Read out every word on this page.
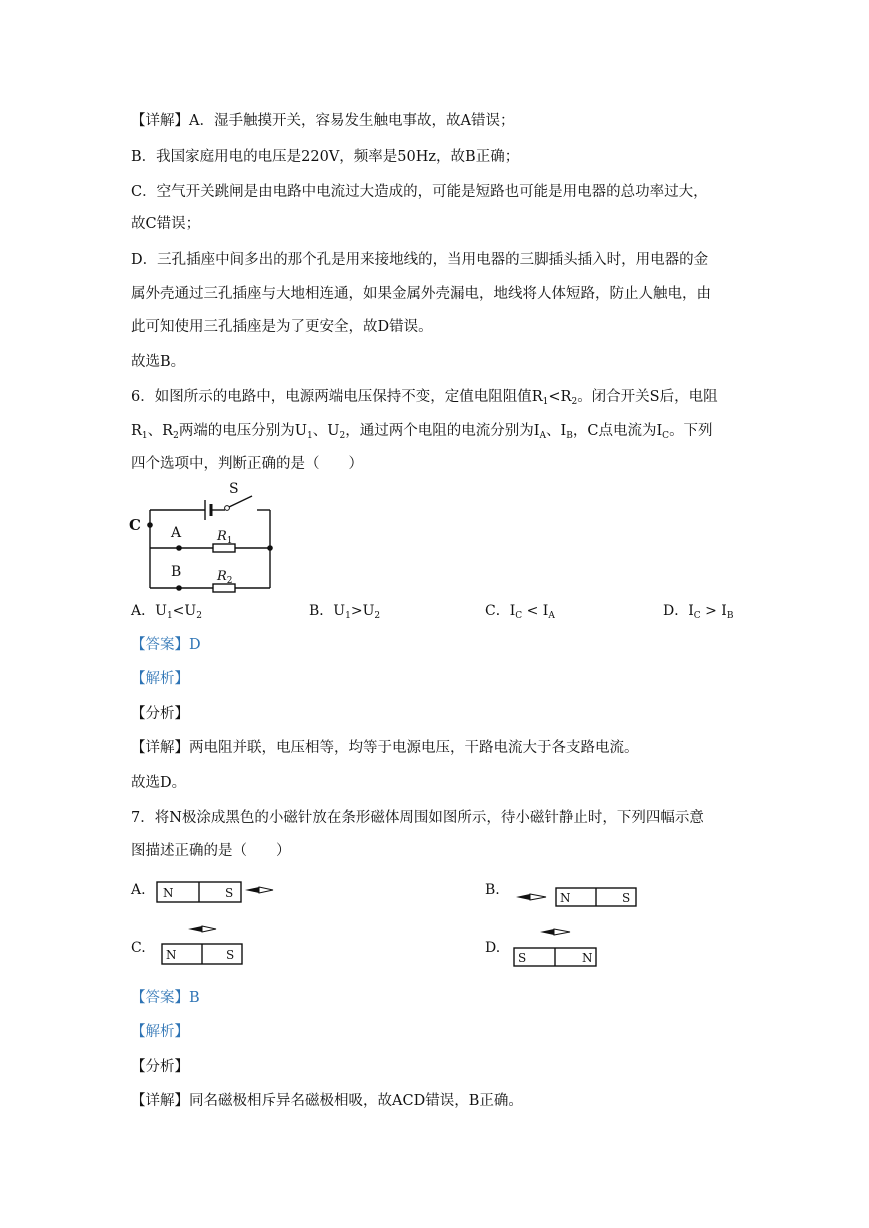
【详解】A．湿手触摸开关，容易发生触电事故，故A错误；
B．我国家庭用电的电压是220V，频率是50Hz，故B正确；
C．空气开关跳闸是由电路中电流过大造成的，可能是短路也可能是用电器的总功率过大，
故C错误；
D．三孔插座中间多出的那个孔是用来接地线的，当用电器的三脚插头插入时，用电器的金
属外壳通过三孔插座与大地相连通，如果金属外壳漏电，地线将人体短路，防止人触电，由
此可知使用三孔插座是为了更安全，故D错误。
故选B。
6．如图所示的电路中，电源两端电压保持不变，定值电阻阻值$R_1<R_2$。闭合开关S后，电阻
$R_1$、$R_2$两端的电压分别为$U_1$、$U_2$，通过两个电阻的电流分别为$I_A$、$I_B$，C点电流为$I_C$。下列
四个选项中，判断正确的是（　　）
S
C A
B
$R_1$
$R_2$
A．$U_1<U_2$	B．$U_1>U_2$	C．$I_C < I_A$	D．$I_C > I_B$
【答案】D
【解析】
【分析】
【详解】两电阻并联，电压相等，均等于电源电压，干路电流大于各支路电流。
故选D。
7．将N极涂成黑色的小磁针放在条形磁体周围如图所示，待小磁针静止时，下列四幅示意
图描述正确的是（　　）
A. N	S	B.	N	S
C. N	S	D.
S	N
【答案】B
【解析】
【分析】
【详解】同名磁极相斥异名磁极相吸，故ACD错误，B正确。
